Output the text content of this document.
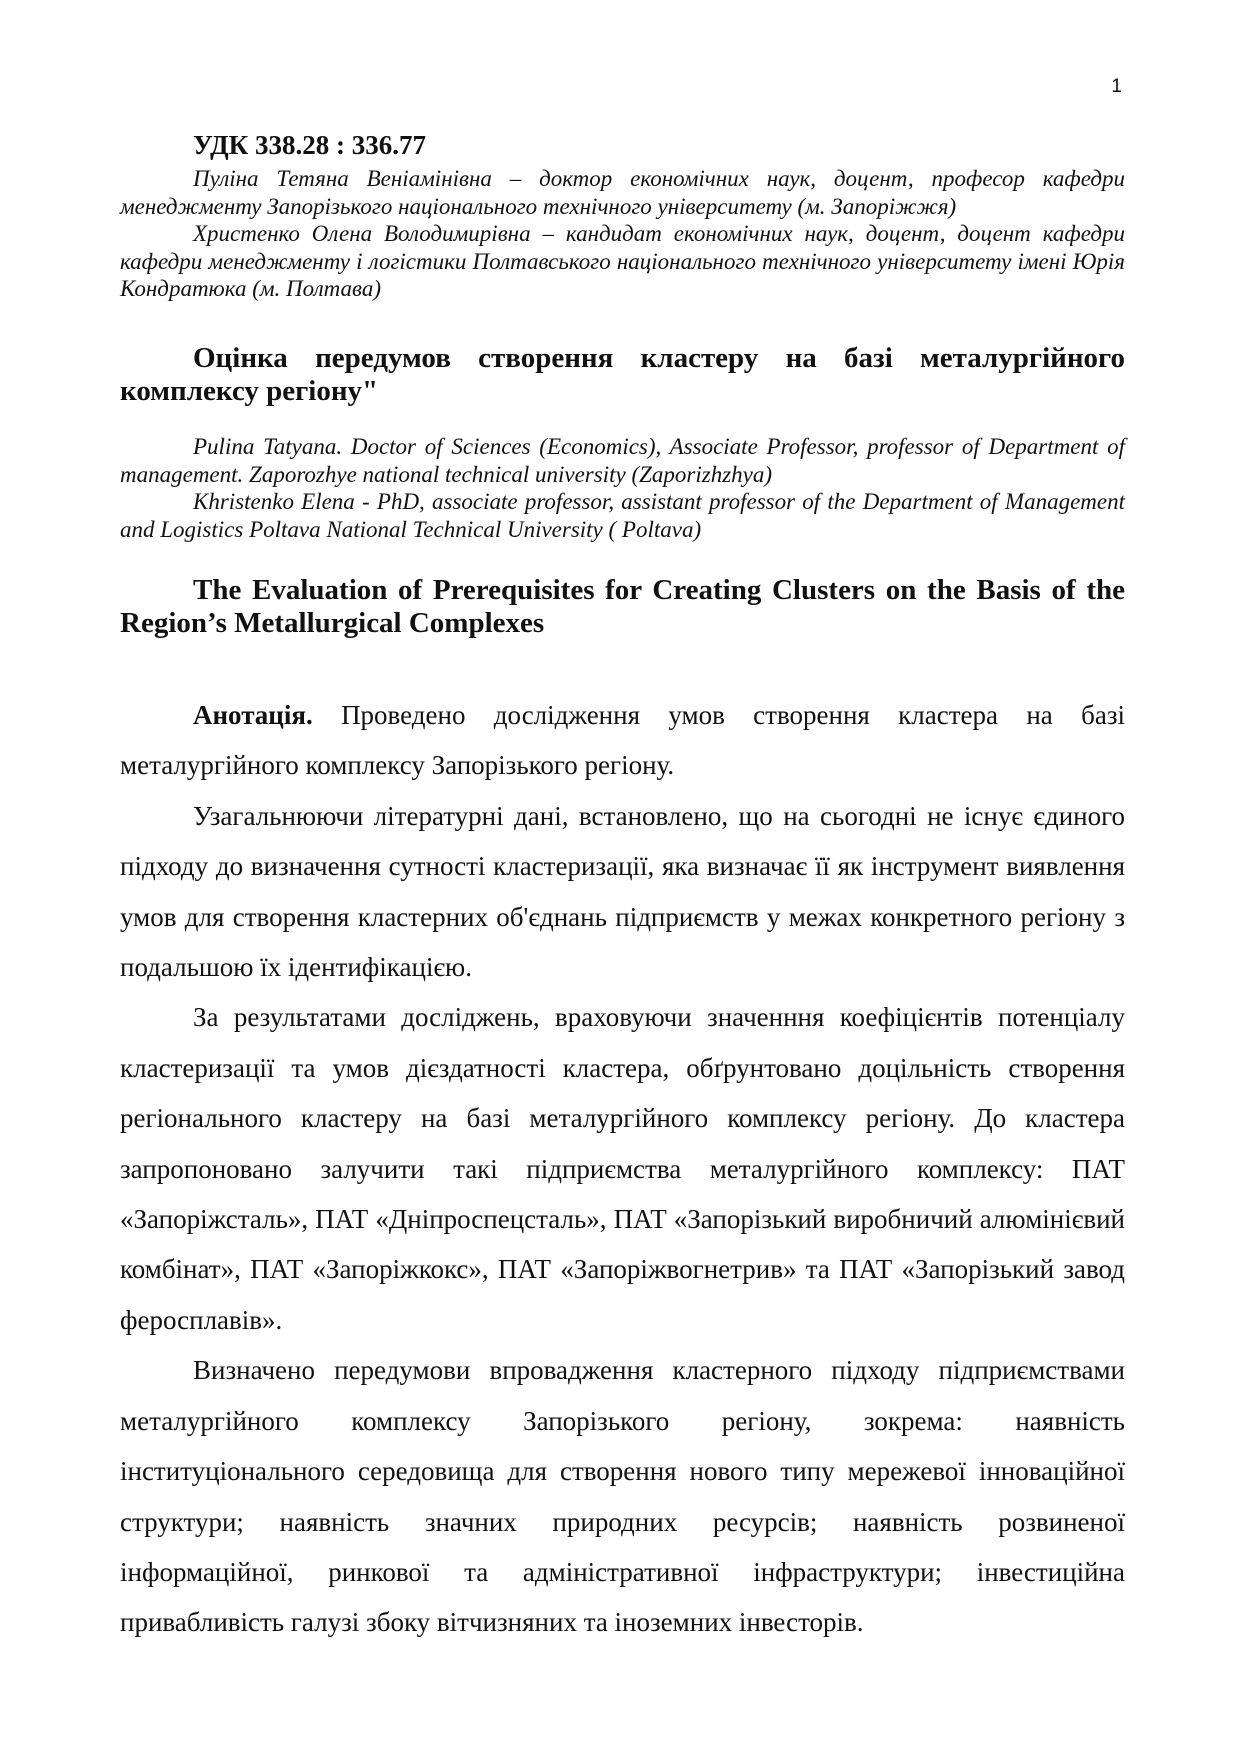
1
УДК 338.28 : 336.77

Пуліна Тетяна Веніамінівна – доктор економічних наук, доцент, професор кафедри менеджменту Запорізького національного технічного університету (м. Запоріжжя)

Христенко Олена Володимирівна – кандидат економічних наук, доцент, доцент кафедри кафедри менеджменту і логістики Полтавського національного технічного університету імені Юрія Кондратюка (м. Полтава)

Оцінка передумов створення кластеру на базі металургійного комплексу регіону"

Pulina Tatyana. Doctor of Sciences (Economics), Associate Professor, professor of Department of management. Zaporozhye national technical university (Zaporizhzhya)

Khristenko Elena - PhD, associate professor, assistant professor of the Department of Management and Logistics Poltava National Technical University ( Poltava)

The Evaluation of Prerequisites for Creating Clusters on the Basis of the Region’s Metallurgical Complexes

Анотація. Проведено дослідження умов створення кластера на базі металургійного комплексу Запорізького регіону.

Узагальнюючи літературні дані, встановлено, що на сьогодні не існує єдиного підходу до визначення сутності кластеризації, яка визначає її як інструмент виявлення умов для створення кластерних об'єднань підприємств у межах конкретного регіону з подальшою їх ідентифікацією.

За результатами досліджень, враховуючи значенння коефіцієнтів потенціалу кластеризації та умов дієздатності кластера, обґрунтовано доцільність створення регіонального кластеру на базі металургійного комплексу регіону. До кластера запропоновано залучити такі підприємства металургійного комплексу: ПАТ «Запоріжсталь», ПАТ «Дніпроспецсталь», ПАТ «Запорізький виробничий алюмінієвий комбінат», ПАТ «Запоріжкокс», ПАТ «Запоріжвогнетрив» та ПАТ «Запорізький завод феросплавів».

Визначено передумови впровадження кластерного підходу підприємствами металургійного комплексу Запорізького регіону, зокрема: наявність інституціонального середовища для створення нового типу мережевої інноваційної структури; наявність значних природних ресурсів; наявність розвиненої інформаційної, ринкової та адміністративної інфраструктури; інвестиційна привабливість галузі збоку вітчизняних та іноземних інвесторів.
